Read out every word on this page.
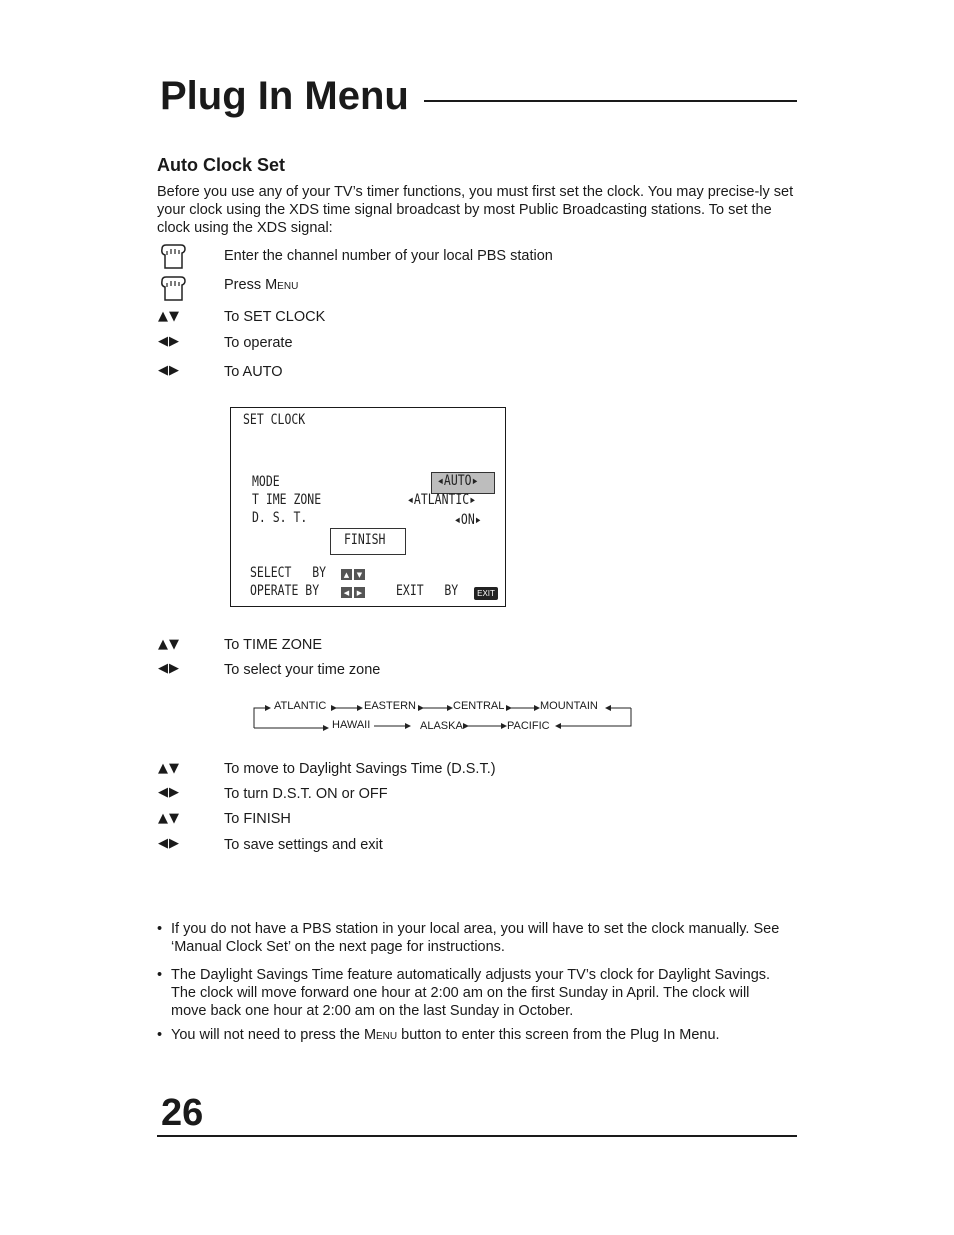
Plug In Menu
Auto Clock Set
Before you use any of your TV’s timer functions, you must first set the clock. You may precise-ly set your clock using the XDS time signal broadcast by most Public Broadcasting stations. To set the clock using the XDS signal:
Enter the channel number of your local PBS station
Press Menu
▲▼	To SET CLOCK
◀▶	To operate
◀▶	To AUTO
SET CLOCK
MODE	◂AUTO▸
T IME ZONE	◂ATLANTIC▸
D. S. T.	◂ON▸
FINISH
SELECT   BY	▲	▼
OPERATE BY	◀	▶ EXIT   BY	EXIT
▲▼	To TIME ZONE
◀▶	To select your time zone
ATLANTIC	EASTERN	CENTRAL	MOUNTAIN
HAWAII	ALASKA	PACIFIC
▲▼	To move to Daylight Savings Time (D.S.T.)
◀▶	To turn D.S.T. ON or OFF
▲▼	To FINISH
◀▶	To save settings and exit
• If you do not have a PBS station in your local area, you will have to set the clock manually. See ‘Manual Clock Set’ on the next page for instructions.
• The Daylight Savings Time feature automatically adjusts your TV’s clock for Daylight Savings. The clock will move forward one hour at 2:00 am on the first Sunday in April. The clock will move back one hour at 2:00 am on the last Sunday in October.
• You will not need to press the Menu button to enter this screen from the Plug In Menu.
26
